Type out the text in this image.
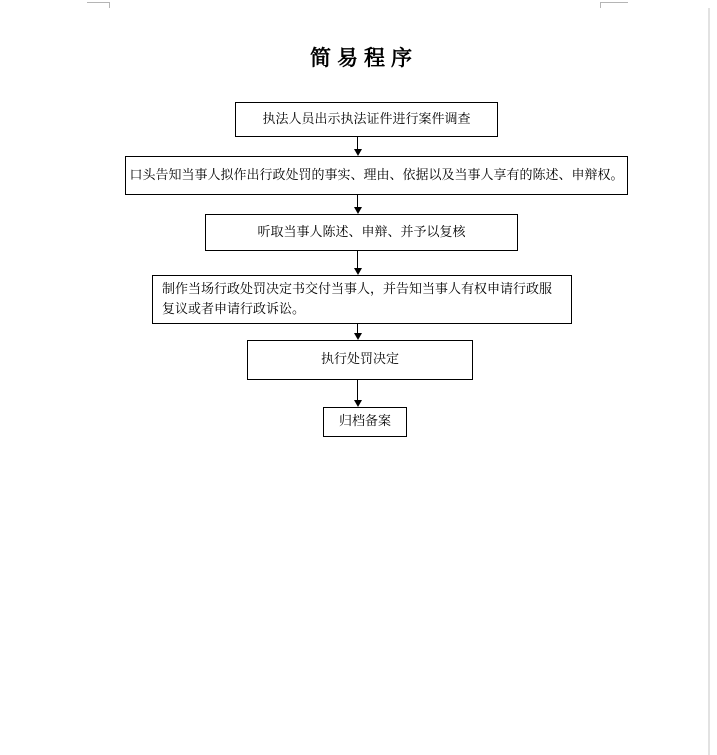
简易程序
执法人员出示执法证件进行案件调查
口头告知当事人拟作出行政处罚的事实、理由、依据以及当事人享有的陈述、申辩权。
听取当事人陈述、申辩、并予以复核
制作当场行政处罚决定书交付当事人，并告知当事人有权申请行政服复议或者申请行政诉讼。
执行处罚决定
归档备案
